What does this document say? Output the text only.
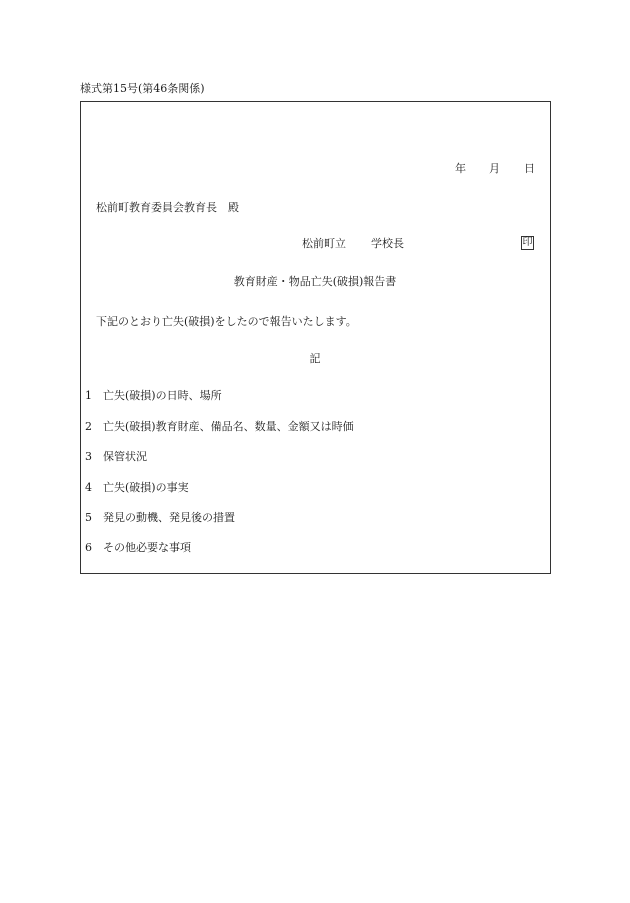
様式第15号(第46条関係)
年 月 日
松前町教育委員会教育長　殿
松前町立 学校長	印
教育財産・物品亡失(破損)報告書
下記のとおり亡失(破損)をしたので報告いたします。
記
1 亡失(破損)の日時、場所
2 亡失(破損)教育財産、備品名、数量、金額又は時価
3 保管状況
4 亡失(破損)の事実
5 発見の動機、発見後の措置
6 その他必要な事項
